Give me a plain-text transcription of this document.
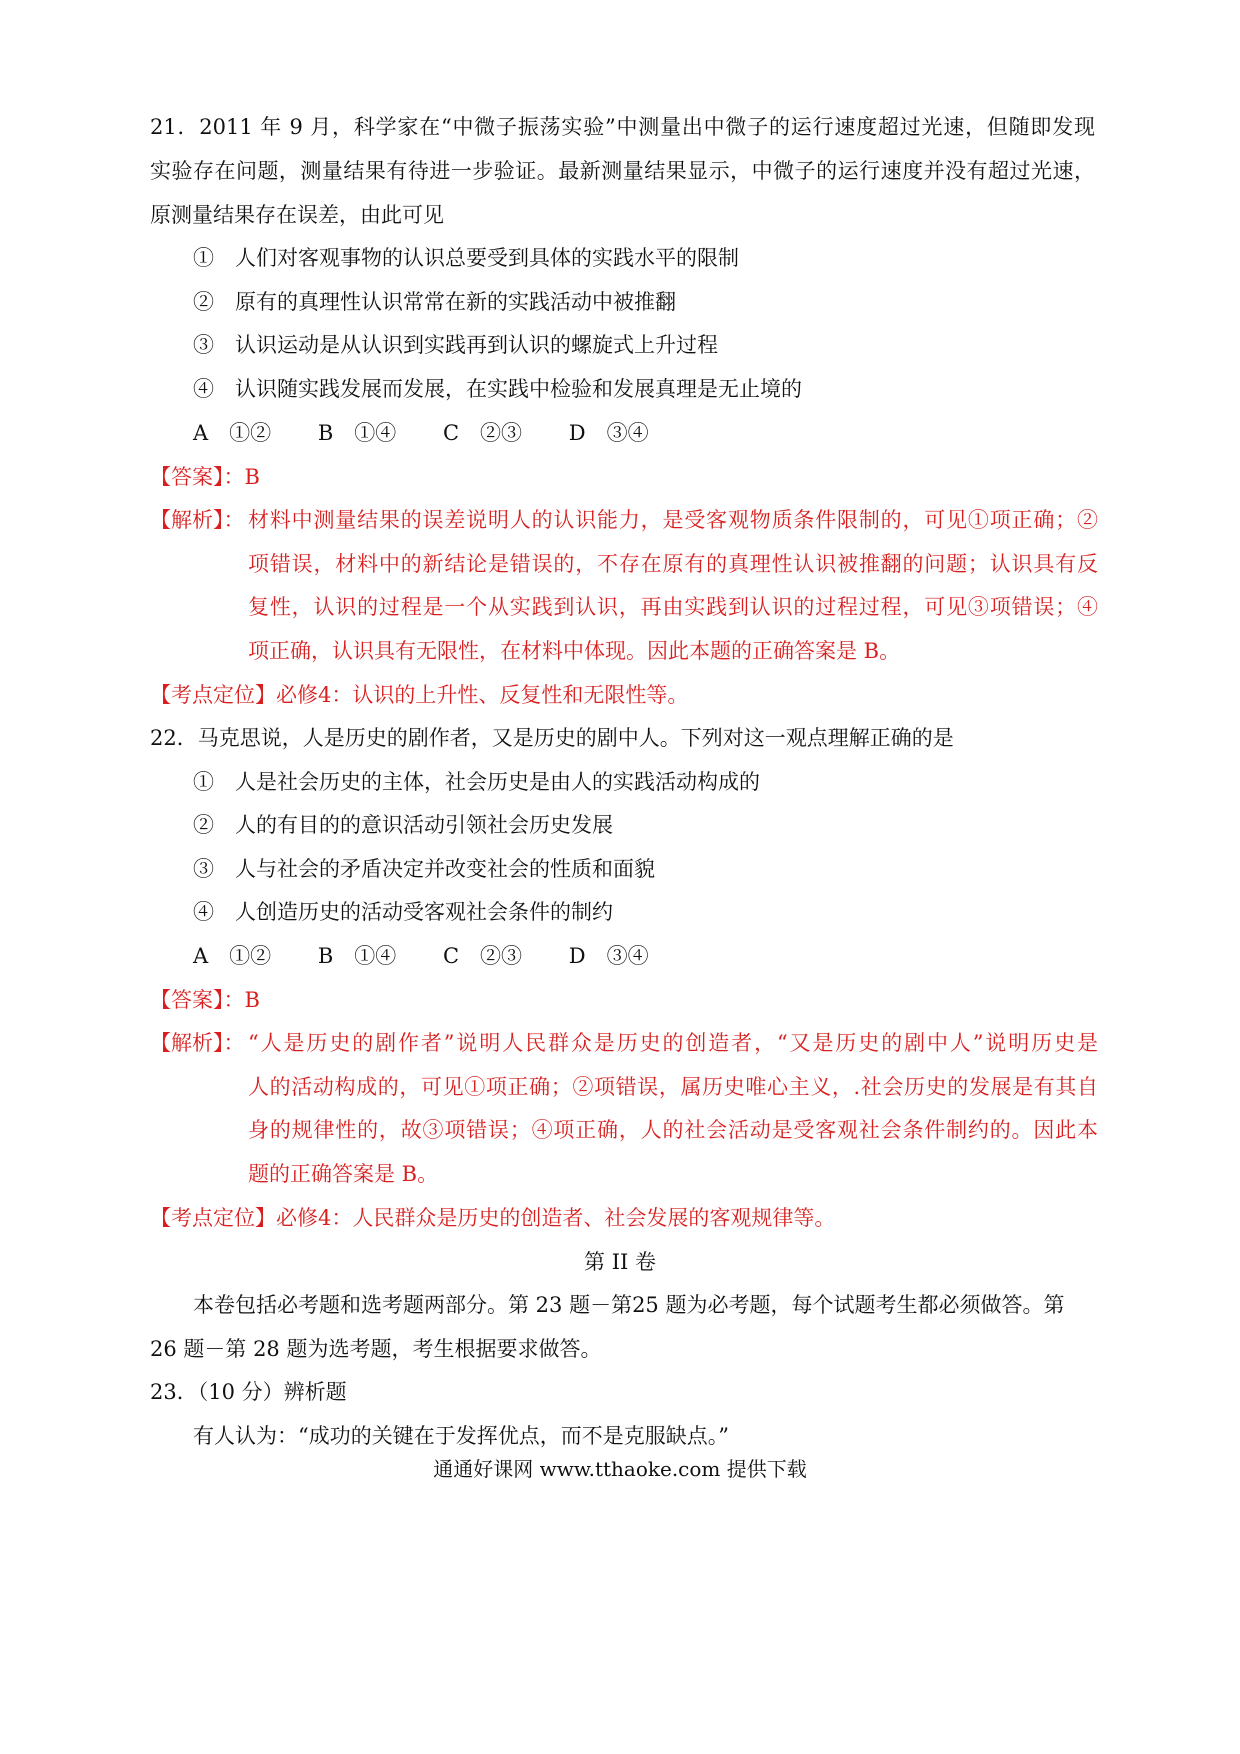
21．2011 年 9 月，科学家在“中微子振荡实验”中测量出中微子的运行速度超过光速，但随即发现
实验存在问题，测量结果有待进一步验证。最新测量结果显示，中微子的运行速度并没有超过光速，
原测量结果存在误差，由此可见
①　人们对客观事物的认识总要受到具体的实践水平的限制
②　原有的真理性认识常常在新的实践活动中被推翻
③　认识运动是从认识到实践再到认识的螺旋式上升过程
④　认识随实践发展而发展，在实践中检验和发展真理是无止境的
A　①② B　①④ C　②③ D　③④
【答案】：B
【解析】： 材料中测量结果的误差说明人的认识能力，是受客观物质条件限制的，可见①项正确；②
项错误，材料中的新结论是错误的，不存在原有的真理性认识被推翻的问题；认识具有反
复性，认识的过程是一个从实践到认识，再由实践到认识的过程过程，可见③项错误；④
项正确，认识具有无限性，在材料中体现。因此本题的正确答案是 B。
【考点定位】必修4：认识的上升性、反复性和无限性等。
22．马克思说，人是历史的剧作者，又是历史的剧中人。下列对这一观点理解正确的是
①　人是社会历史的主体，社会历史是由人的实践活动构成的
②　人的有目的的意识活动引领社会历史发展
③　人与社会的矛盾决定并改变社会的性质和面貌
④　人创造历史的活动受客观社会条件的制约
A　①② B　①④ C　②③ D　③④
【答案】：B
【解析】： “人是历史的剧作者”说明人民群众是历史的创造者，“又是历史的剧中人”说明历史是
人的活动构成的，可见①项正确；②项错误，属历史唯心主义，.社会历史的发展是有其自
身的规律性的，故③项错误；④项正确，人的社会活动是受客观社会条件制约的。因此本
题的正确答案是 B。
【考点定位】必修4：人民群众是历史的创造者、社会发展的客观规律等。
第 II 卷
本卷包括必考题和选考题两部分。第 23 题－第25 题为必考题，每个试题考生都必须做答。第
26 题－第 28 题为选考题，考生根据要求做答。
23．（10 分）辨析题
有人认为：“成功的关键在于发挥优点，而不是克服缺点。”
通通好课网 www.tthaoke.com 提供下载
